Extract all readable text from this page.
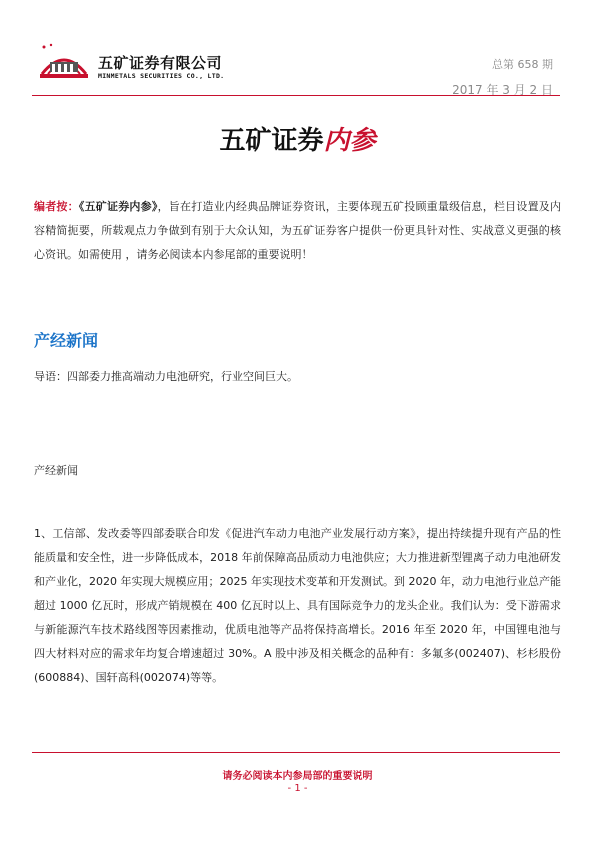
五矿证券有限公司
MINMETALS SECURITIES CO., LTD.
总第 658 期
2017 年 3 月 2 日
五矿证券内参
编者按：《五矿证券内参》，旨在打造业内经典品牌证券资讯，主要体现五矿投顾重量级信息，栏目设置及内容精简扼要，所载观点力争做到有别于大众认知，为五矿证券客户提供一份更具针对性、实战意义更强的核心资讯。如需使用 ，请务必阅读本内参尾部的重要说明！
产经新闻
导语：四部委力推高端动力电池研究，行业空间巨大。
产经新闻
1、工信部、发改委等四部委联合印发《促进汽车动力电池产业发展行动方案》，提出持续提升现有产品的性能质量和安全性，进一步降低成本，2018 年前保障高品质动力电池供应；大力推进新型锂离子动力电池研发和产业化，2020 年实现大规模应用；2025 年实现技术变革和开发测试。到 2020 年，动力电池行业总产能超过 1000 亿瓦时，形成产销规模在 400 亿瓦时以上、具有国际竞争力的龙头企业。我们认为：受下游需求与新能源汽车技术路线图等因素推动，优质电池等产品将保持高增长。2016 年至 2020 年，中国锂电池与四大材料对应的需求年均复合增速超过 30%。A 股中涉及相关概念的品种有：多氟多(002407)、杉杉股份(600884)、国轩高科(002074)等等。
请务必阅读本内参局部的重要说明
- 1 -
